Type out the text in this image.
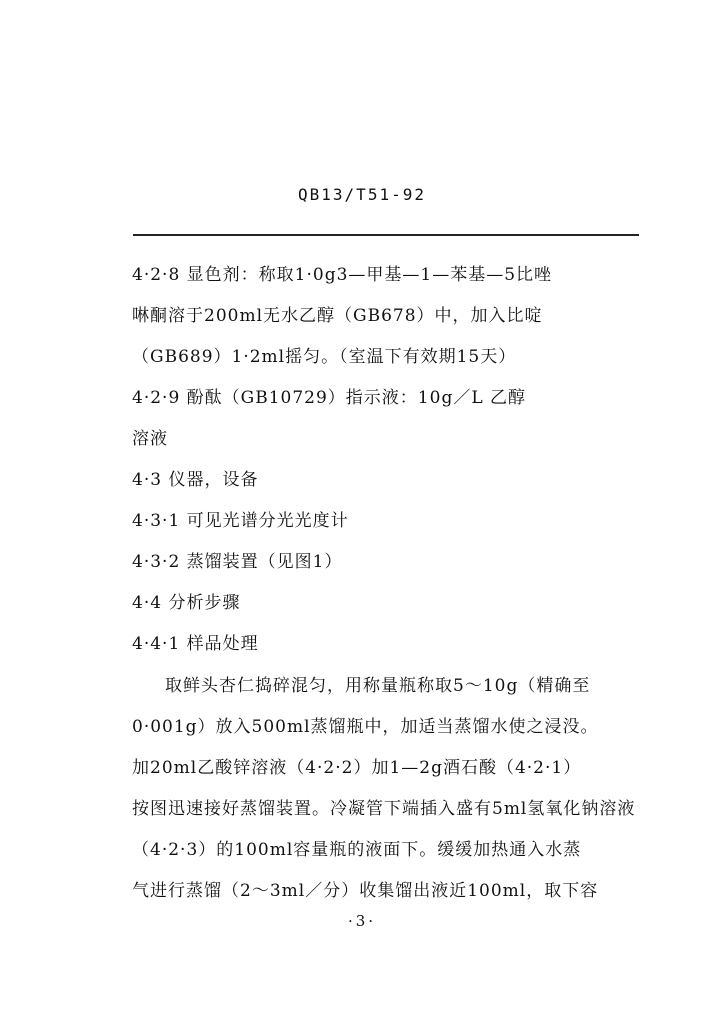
QB13/T51-92
4·2·8 显色剂：称取1·0g3—甲基—1—苯基—5比唑
啉酮溶于200ml无水乙醇（GB678）中，加入比啶
（GB689）1·2ml摇匀。（室温下有效期15天）
4·2·9 酚酞（GB10729）指示液：10g／L 乙醇
溶液
4·3 仪器，设备
4·3·1 可见光谱分光光度计
4·3·2 蒸馏装置（见图1）
4·4 分析步骤
4·4·1 样品处理
取鲜头杏仁捣碎混匀，用称量瓶称取5～10g（精确至
0·001g）放入500ml蒸馏瓶中，加适当蒸馏水使之浸没。
加20ml乙酸锌溶液（4·2·2）加1—2g酒石酸（4·2·1）
按图迅速接好蒸馏装置。冷凝管下端插入盛有5ml氢氧化钠溶液
（4·2·3）的100ml容量瓶的液面下。缓缓加热通入水蒸
气进行蒸馏（2～3ml／分）收集馏出液近100ml，取下容
·3·
